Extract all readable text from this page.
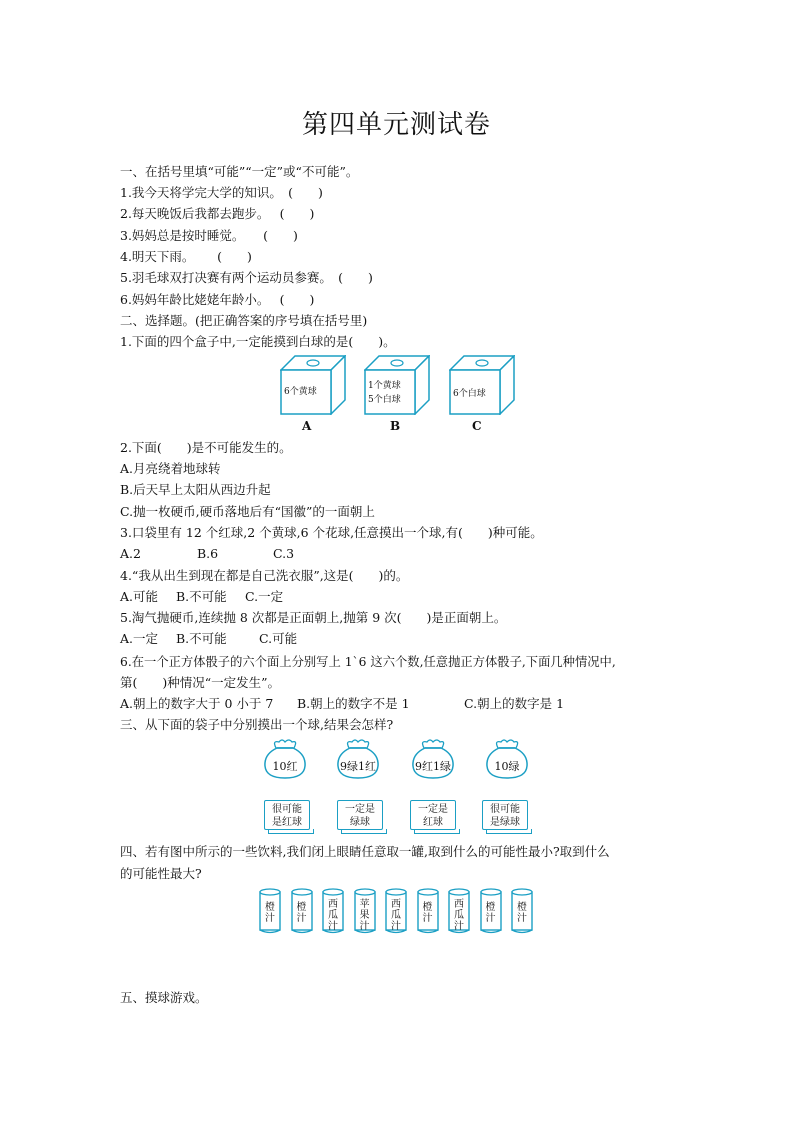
第四单元测试卷
一、在括号里填“可能”“一定”或“不可能”。
1.我今天将学完大学的知识。　(　　)
2.每天晚饭后我都去跑步。　 (　　)
3.妈妈总是按时睡觉。　　(　　)
4.明天下雨。　　 (　　)
5.羽毛球双打决赛有两个运动员参赛。　(　　)
6.妈妈年龄比姥姥年龄小。　 (　　)
二、选择题。(把正确答案的序号填在括号里)
1.下面的四个盒子中,一定能摸到白球的是(　　)。
6个黄球
A
1个黄球
5个白球
B
6个白球
C
2.下面(　　)是不可能发生的。
A.月亮绕着地球转
B.后天早上太阳从西边升起
C.抛一枚硬币,硬币落地后有“国徽”的一面朝上
3.口袋里有 12 个红球,2 个黄球,6 个花球,任意摸出一个球,有(　　)种可能。
A.2	B.6	C.3
4.“我从出生到现在都是自己洗衣服”,这是(　　)的。
A.可能 B.不可能 C.一定
5.淘气抛硬币,连续抛 8 次都是正面朝上,抛第 9 次(　　)是正面朝上。
A.一定 B.不可能	C.可能
6.在一个正方体骰子的六个面上分别写上 1`6 这六个数,任意抛正方体骰子,下面几种情况中,
第(　　)种情况“一定发生”。
A.朝上的数字大于 0 小于 7 B.朝上的数字不是 1	C.朝上的数字是 1
三、从下面的袋子中分别摸出一个球,结果会怎样?
10红	9绿1红	9红1绿	10绿
很可能
是红球
一定是
绿球
一定是
红球
很可能
是绿球
四、若有图中所示的一些饮料,我们闭上眼睛任意取一罐,取到什么的可能性最小?取到什么
的可能性最大?
橙
汁
橙
汁
西
瓜
汁
苹
果
汁
西
瓜
汁
橙
汁
西
瓜
汁
橙
汁
橙
汁
五、摸球游戏。
